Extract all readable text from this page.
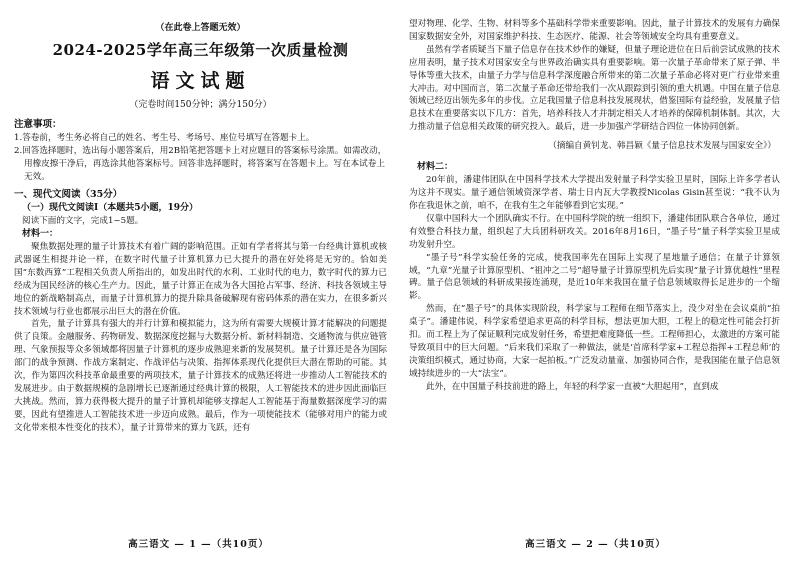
（在此卷上答题无效）
2024-2025学年高三年级第一次质量检测
语文试题
（完卷时间150分钟；满分150分）
注意事项：

1.答卷前，考生务必将自己的姓名、考生号、考场号、座位号填写在答题卡上。

2.回答选择题时，选出每小题答案后，用2B铅笔把答题卡上对应题目的答案标号涂黑。如需改动，用橡皮擦干净后，再选涂其他答案标号。回答非选择题时，将答案写在答题卡上。写在本试卷上无效。

一、现代文阅读（35分）
（一）现代文阅读Ⅰ（本题共5小题，19分）
阅读下面的文字，完成1~5题。
材料一：

聚焦数据处理的量子计算技术有着广阔的影响范围。正如有学者将其与第一台经典计算机或核武器诞生相提并论一样，在数字时代量子计算机算力已大提升的潜在好处将是无穷的。恰如美国“东数西算”工程相关负责人所指出的，如发出时代的水利、工业时代的电力，数字时代的算力已经成为国民经济的核心生产力。因此，量子计算正在成为各大国抢占军事、经济、科技各领域主导地位的新战略制高点，而量子计算机算力的提升除具备破解现有密码体系的潜在实力，在很多新兴技术领域与行业也都展示出巨大的潜在价值。

首先，量子计算具有强大的并行计算和模拟能力，这为所有需要大规模计算才能解决的问题提供了良策。金融服务、药物研发、数据深度挖掘与大数据分析、新材料制造、交通物流与供应链管理、气象预报等众多领域都将因量子计算机的逐步成熟迎来新的发展契机。量子计算还是各为国际部门的战争预测、作战方案制定、作战评估与决策、指挥体系现代化提供巨大潜在帮助的可能。其次，作为第四次科技革命最重要的两项技术，量子计算技术的成熟还将进一步推动人工智能技术的发展进步。由于数据规模的急剧增长已逐渐通过经典计算的极限，人工智能技术的进步因此面临巨大挑战。然而，算力获得极大提升的量子计算机却能够支撑起人工智能基于海量数据深度学习的需要，因此有望推进人工智能技术进一步迈向成熟。最后，作为一项使能技术（能够对用户的能力或文化带来根本性变化的技术），量子计算带来的算力飞跃，还有

高三语文 — 1 —（共10页）

望对物理、化学、生物、材料等多个基础科学带来重要影响。因此，量子计算技术的发展有力确保国家数据安全外，对国家维护科技、生态医疗、能源、社会等领域安全均具有重要意义。

虽然有学者质疑当下量子信息存在技术炒作的嫌疑，但量子理论进位在日后前尝试成熟的技术应用表明，量子技术对国家安全与世界政治确实具有重要影响。第一次量子革命带来了原子弹、半导体等重大技术，由量子力学与信息科学深度融合所带来的第二次量子革命必将对更广行业带来重大冲击。对中国而言，第二次量子革命还带给我们一次从跟踪到引领的重大机遇。中国在量子信息领域已经迈出领先多年的步伐。立足我国量子信息科技发展现状，借鉴国际有益经验，发展量子信息技术在重要落实以下几方：首先，培养科技人才并制定相关人才培养的保障机制体制。其次，大力推动量子信息相关政策的研究投入。最后，进一步加强产学研结合四位一体协同创新。

（摘编自黄钊龙、韩昌颖《量子信息技术发展与国家安全》）
材料二：

20年前，潘建伟团队在中国科学技术大学提出发射量子科学实验卫星时，国际上许多学者认为这并不现实。量子通信领域资深学者、瑞士日内瓦大学教授Nicolas Gisin甚至说：“我不认为你在我退休之前，咱不，在我有生之年能够看到它实现。”

仅靠中国科大一个团队确实不行。在中国科学院的统一组织下，潘建伟团队联合各单位，通过有效整合科技力量，组织起了大兵团科研攻关。2016年8月16日，“墨子号”量子科学实验卫星成功发射升空。

“墨子号”科学实验任务的完成，使我国率先在国际上实现了星地量子通信；在量子计算领域，“九章”光量子计算原型机、“祖冲之二号”超导量子计算原型机先后实现“量子计算优越性”里程碑。量子信息领域的科研成果接连涌现，是近10年来我国在量子信息领域取得长足进步的一个缩影。

然而，在“墨子号”的具体实现阶段，科学家与工程师在细节落实上，没少对坐在会议桌前“拍桌子”。潘建伟说，科学家希望追求更高的科学目标，想法更加大胆，工程上的稳定性可能会打折扣。而工程上为了保证顺利完成发射任务，希望把难度降低一些。工程师担心，太激进的方案可能导致项目中的巨大问题。“后来我们采取了一种做法，就是‘首席科学家+工程总指挥+工程总师’的决策组织模式，通过协商，大家一起拍板。”广泛发动量童、加强协同合作，是我国能在量子信息领域持续进步的一大“法宝”。

此外，在中国量子科技前进的路上，年轻的科学家一直被“大胆起用”，直到成

高三语文 — 2 —（共10页）
